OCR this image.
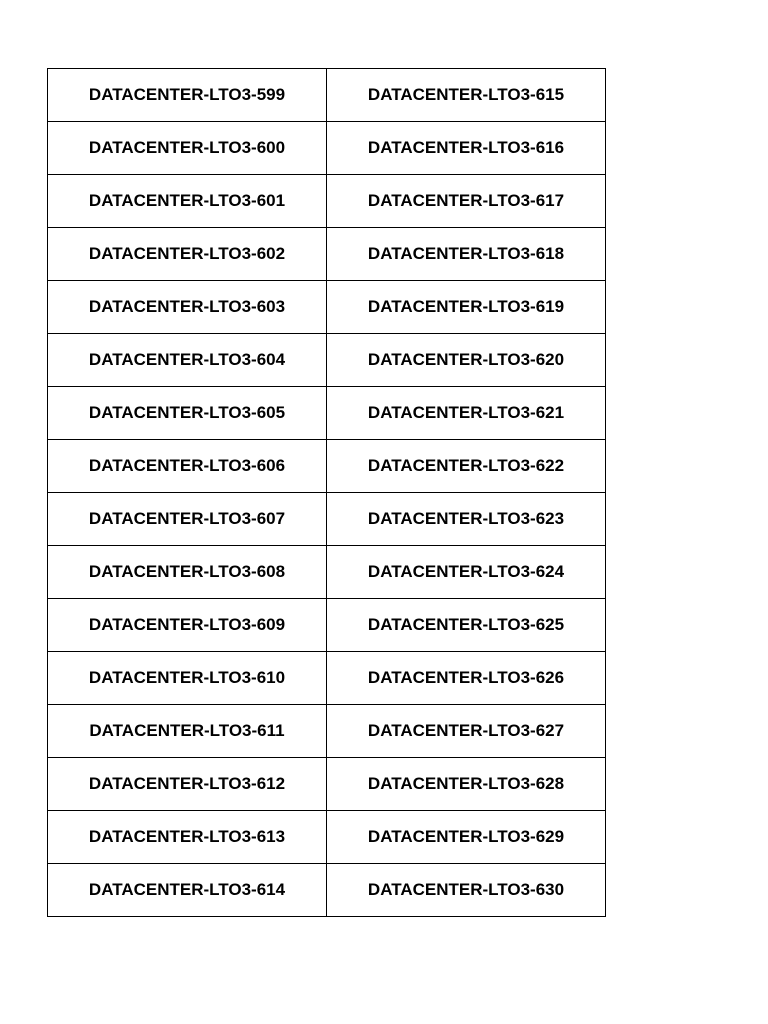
DATACENTER-LTO3-599	DATACENTER-LTO3-615
DATACENTER-LTO3-600	DATACENTER-LTO3-616
DATACENTER-LTO3-601	DATACENTER-LTO3-617
DATACENTER-LTO3-602	DATACENTER-LTO3-618
DATACENTER-LTO3-603	DATACENTER-LTO3-619
DATACENTER-LTO3-604	DATACENTER-LTO3-620
DATACENTER-LTO3-605	DATACENTER-LTO3-621
DATACENTER-LTO3-606	DATACENTER-LTO3-622
DATACENTER-LTO3-607	DATACENTER-LTO3-623
DATACENTER-LTO3-608	DATACENTER-LTO3-624
DATACENTER-LTO3-609	DATACENTER-LTO3-625
DATACENTER-LTO3-610	DATACENTER-LTO3-626
DATACENTER-LTO3-611	DATACENTER-LTO3-627
DATACENTER-LTO3-612	DATACENTER-LTO3-628
DATACENTER-LTO3-613	DATACENTER-LTO3-629
DATACENTER-LTO3-614	DATACENTER-LTO3-630
